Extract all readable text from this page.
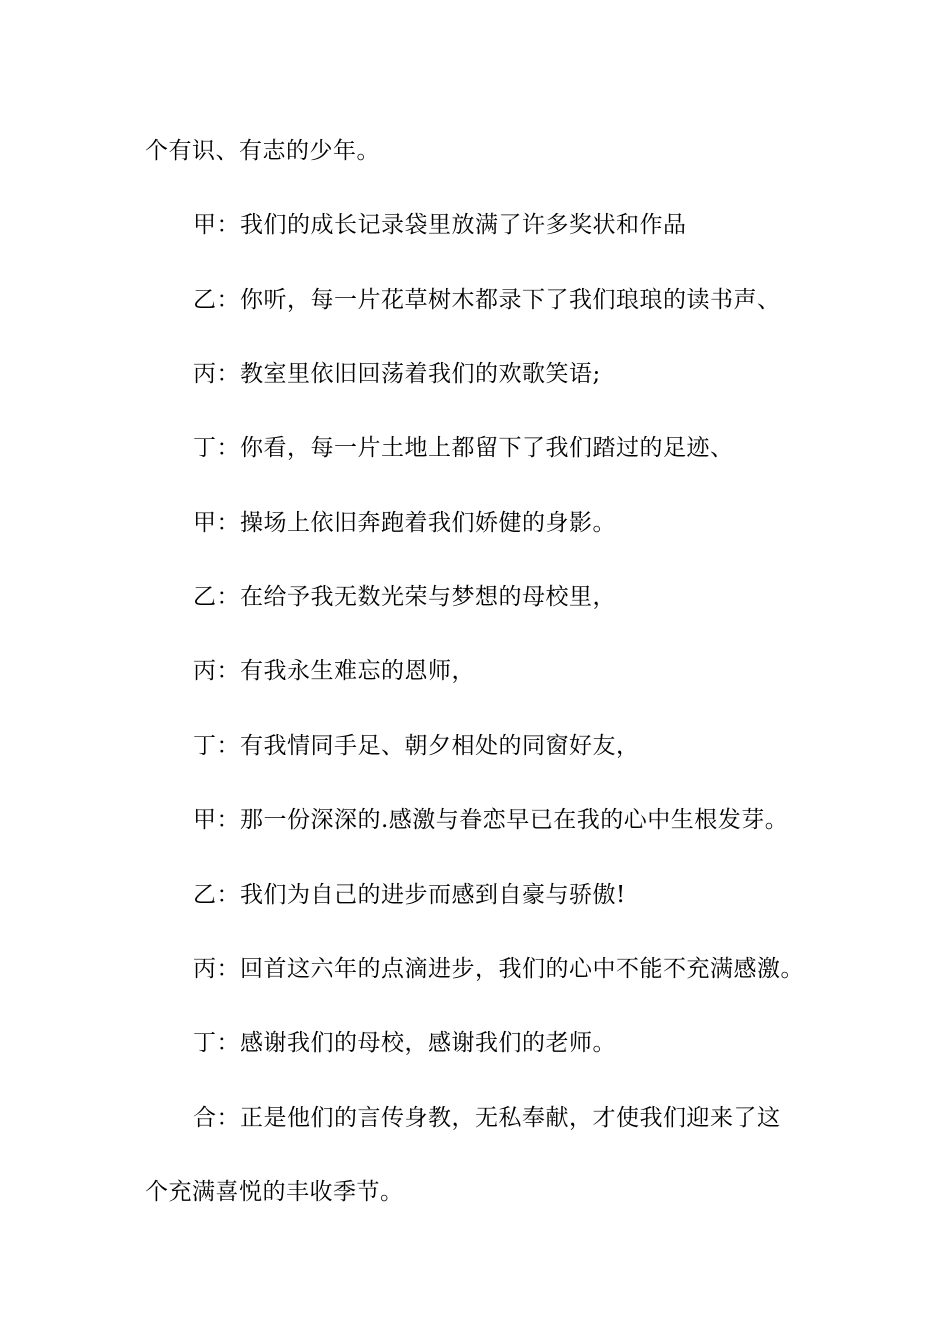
个有识、有志的少年。
甲：我们的成长记录袋里放满了许多奖状和作品
乙：你听，每一片花草树木都录下了我们琅琅的读书声、
丙：教室里依旧回荡着我们的欢歌笑语;
丁：你看，每一片土地上都留下了我们踏过的足迹、
甲：操场上依旧奔跑着我们娇健的身影。
乙：在给予我无数光荣与梦想的母校里，
丙：有我永生难忘的恩师，
丁：有我情同手足、朝夕相处的同窗好友，
甲：那一份深深的.感激与眷恋早已在我的心中生根发芽。
乙：我们为自己的进步而感到自豪与骄傲!
丙：回首这六年的点滴进步，我们的心中不能不充满感激。
丁：感谢我们的母校，感谢我们的老师。
合：正是他们的言传身教，无私奉献，才使我们迎来了这
个充满喜悦的丰收季节。
